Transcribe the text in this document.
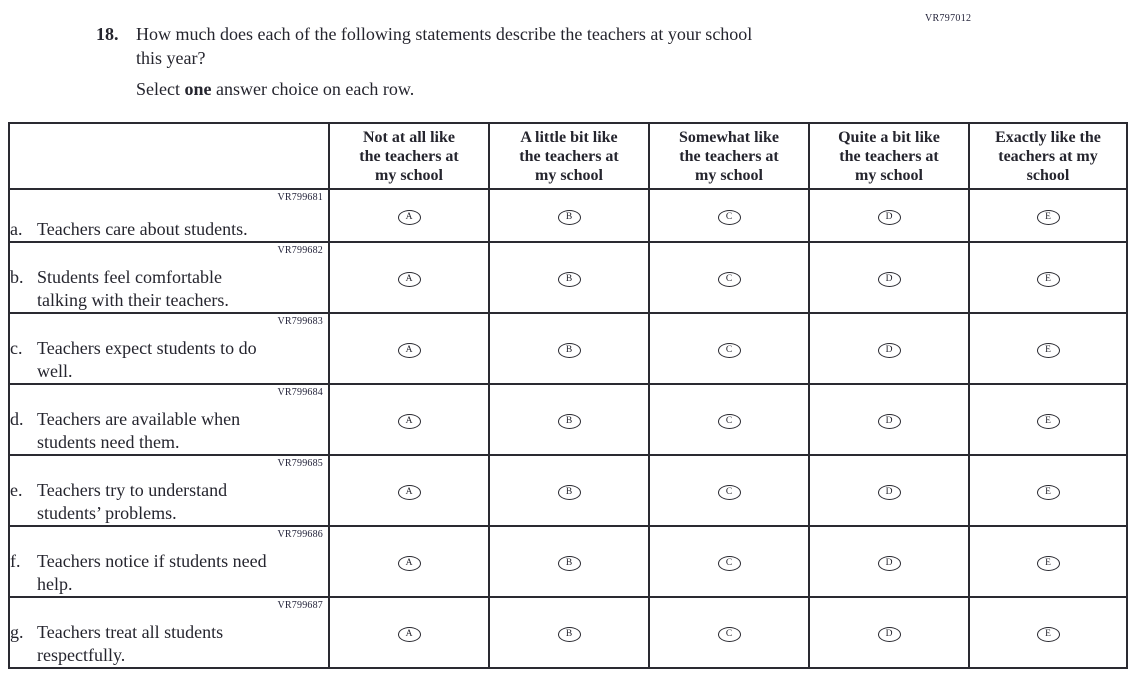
VR797012
18. How much does each of the following statements describe the teachers at your school
this year?
Select one answer choice on each row.
	Not at all like
the teachers at
my school	A little bit like
the teachers at
my school	Somewhat like
the teachers at
my school	Quite a bit like
the teachers at
my school	Exactly like the
teachers at my
school

VR799681
a. Teachers care about students.	A	B	C	D	E

VR799682
b. Students feel comfortable
talking with their teachers.	A	B	C	D	E

VR799683
c. Teachers expect students to do
well.	A	B	C	D	E

VR799684
d. Teachers are available when
students need them.	A	B	C	D	E

VR799685
e. Teachers try to understand
students’ problems.	A	B	C	D	E

VR799686
f. Teachers notice if students need
help.	A	B	C	D	E

VR799687
g. Teachers treat all students
respectfully.	A	B	C	D	E
